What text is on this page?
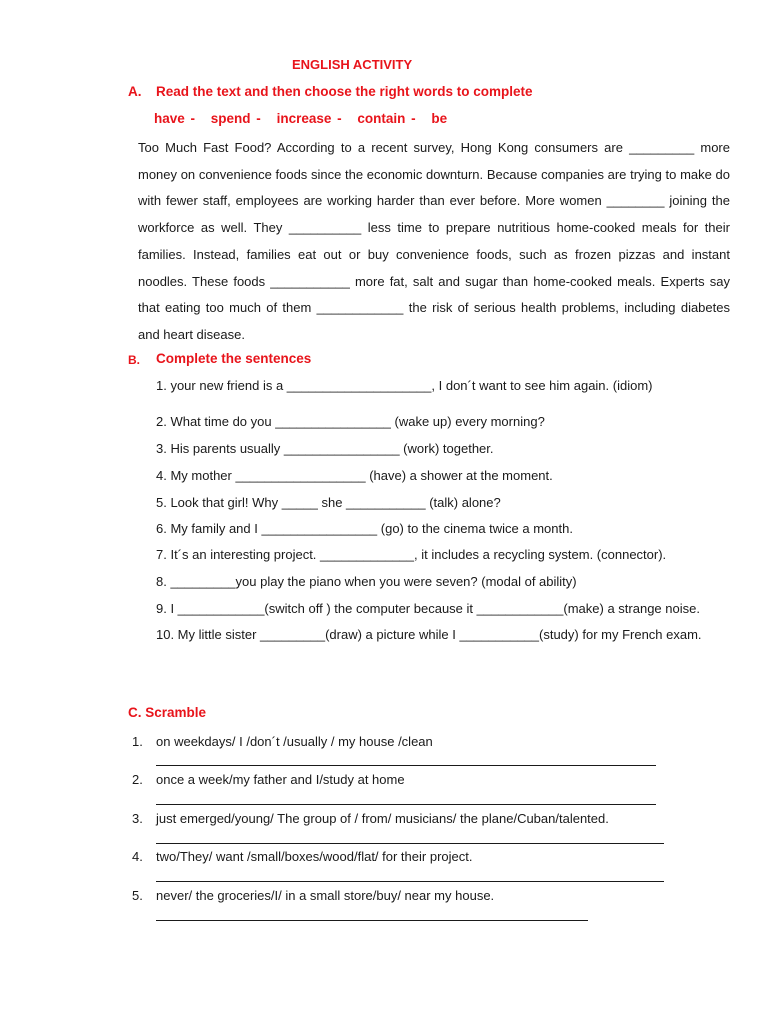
ENGLISH ACTIVITY
A. Read the text and then choose the right words to complete
have - spend - increase - contain - be
Too Much Fast Food? According to a recent survey, Hong Kong consumers are _________ more money on convenience foods since the economic downturn. Because companies are trying to make do with fewer staff, employees are working harder than ever before. More women ________ joining the workforce as well. They __________ less time to prepare nutritious home-cooked meals for their families. Instead, families eat out or buy convenience foods, such as frozen pizzas and instant noodles. These foods ___________ more fat, salt and sugar than home-cooked meals. Experts say that eating too much of them ____________ the risk of serious health problems, including diabetes and heart disease.
B. Complete the sentences
1. your new friend is a ____________________, I don´t want to see him again. (idiom)
2. What time do you ________________ (wake up) every morning?
3. His parents usually ________________ (work) together.
4. My mother __________________ (have) a shower at the moment.
5. Look that girl! Why _____ she ___________ (talk) alone?
6. My family and I ________________ (go) to the cinema twice a month.
7. It´s an interesting project. _____________, it includes a recycling system. (connector).
8. _________you play the piano when you were seven? (modal of ability)
9. I ____________(switch off ) the computer because it ____________(make) a strange noise.
10. My little sister _________(draw) a picture while I ___________(study) for my French exam.
C. Scramble
1. on weekdays/ I /don´t /usually / my house /clean
2. once a week/my father and I/study at home
3. just emerged/young/ The group of / from/ musicians/ the plane/Cuban/talented.
4. two/They/ want /small/boxes/wood/flat/ for their project.
5. never/ the groceries/I/ in a small store/buy/ near my house.
